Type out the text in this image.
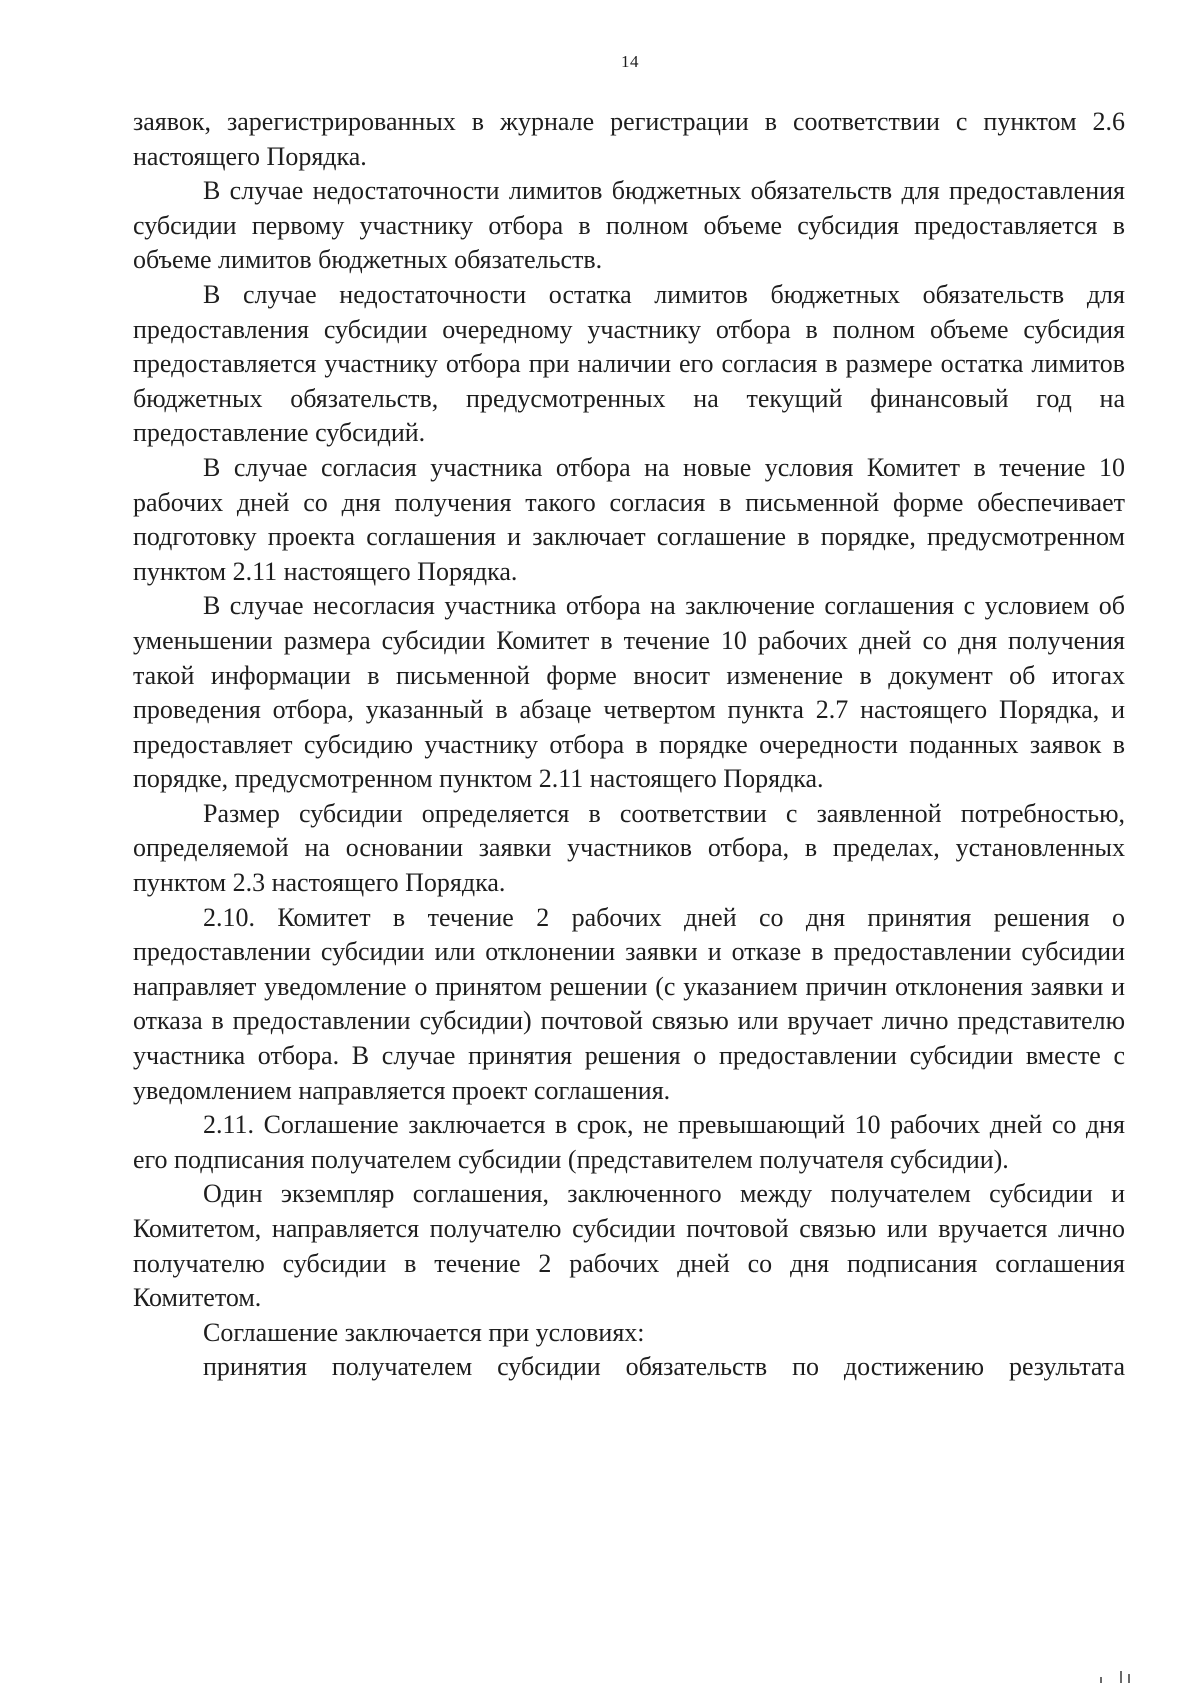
14

заявок, зарегистрированных в журнале регистрации в соответствии с пунктом 2.6 настоящего Порядка.

В случае недостаточности лимитов бюджетных обязательств для предоставления субсидии первому участнику отбора в полном объеме субсидия предоставляется в объеме лимитов бюджетных обязательств.

В случае недостаточности остатка лимитов бюджетных обязательств для предоставления субсидии очередному участнику отбора в полном объеме субсидия предоставляется участнику отбора при наличии его согласия в размере остатка лимитов бюджетных обязательств, предусмотренных на текущий финансовый год на предоставление субсидий.

В случае согласия участника отбора на новые условия Комитет в течение 10 рабочих дней со дня получения такого согласия в письменной форме обеспечивает подготовку проекта соглашения и заключает соглашение в порядке, предусмотренном пунктом 2.11 настоящего Порядка.

В случае несогласия участника отбора на заключение соглашения с условием об уменьшении размера субсидии Комитет в течение 10 рабочих дней со дня получения такой информации в письменной форме вносит изменение в документ об итогах проведения отбора, указанный в абзаце четвертом пункта 2.7 настоящего Порядка, и предоставляет субсидию участнику отбора в порядке очередности поданных заявок в порядке, предусмотренном пунктом 2.11 настоящего Порядка.

Размер субсидии определяется в соответствии с заявленной потребностью, определяемой на основании заявки участников отбора, в пределах, установленных пунктом 2.3 настоящего Порядка.

2.10. Комитет в течение 2 рабочих дней со дня принятия решения о предоставлении субсидии или отклонении заявки и отказе в предоставлении субсидии направляет уведомление о принятом решении (с указанием причин отклонения заявки и отказа в предоставлении субсидии) почтовой связью или вручает лично представителю участника отбора. В случае принятия решения о предоставлении субсидии вместе с уведомлением направляется проект соглашения.

2.11. Соглашение заключается в срок, не превышающий 10 рабочих дней со дня его подписания получателем субсидии (представителем получателя субсидии).

Один экземпляр соглашения, заключенного между получателем субсидии и Комитетом, направляется получателю субсидии почтовой связью или вручается лично получателю субсидии в течение 2 рабочих дней со дня подписания соглашения Комитетом.

Соглашение заключается при условиях:

принятия получателем субсидии обязательств по достижению результата
